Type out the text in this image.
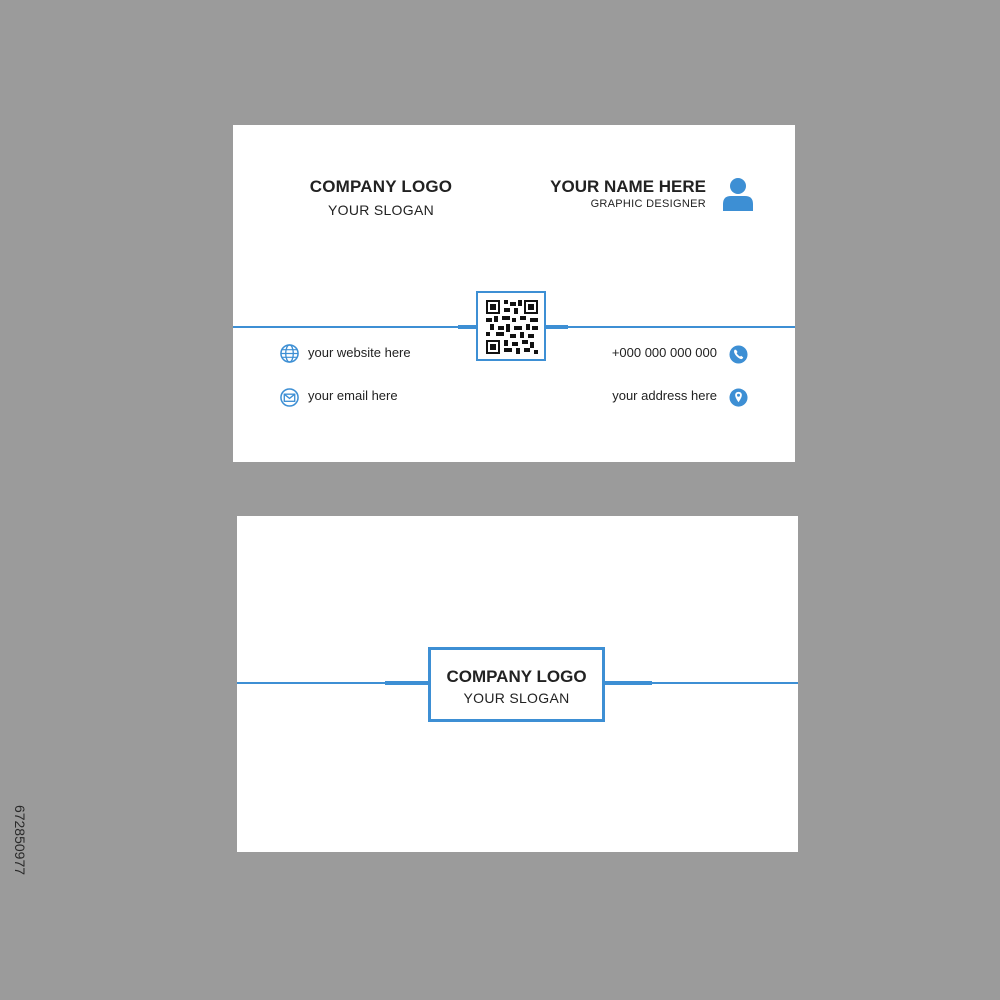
COMPANY LOGO
YOUR SLOGAN
YOUR NAME HERE
GRAPHIC DESIGNER
your website here
your email here
+000 000 000 000
your address here
COMPANY LOGO
YOUR SLOGAN
672850977
